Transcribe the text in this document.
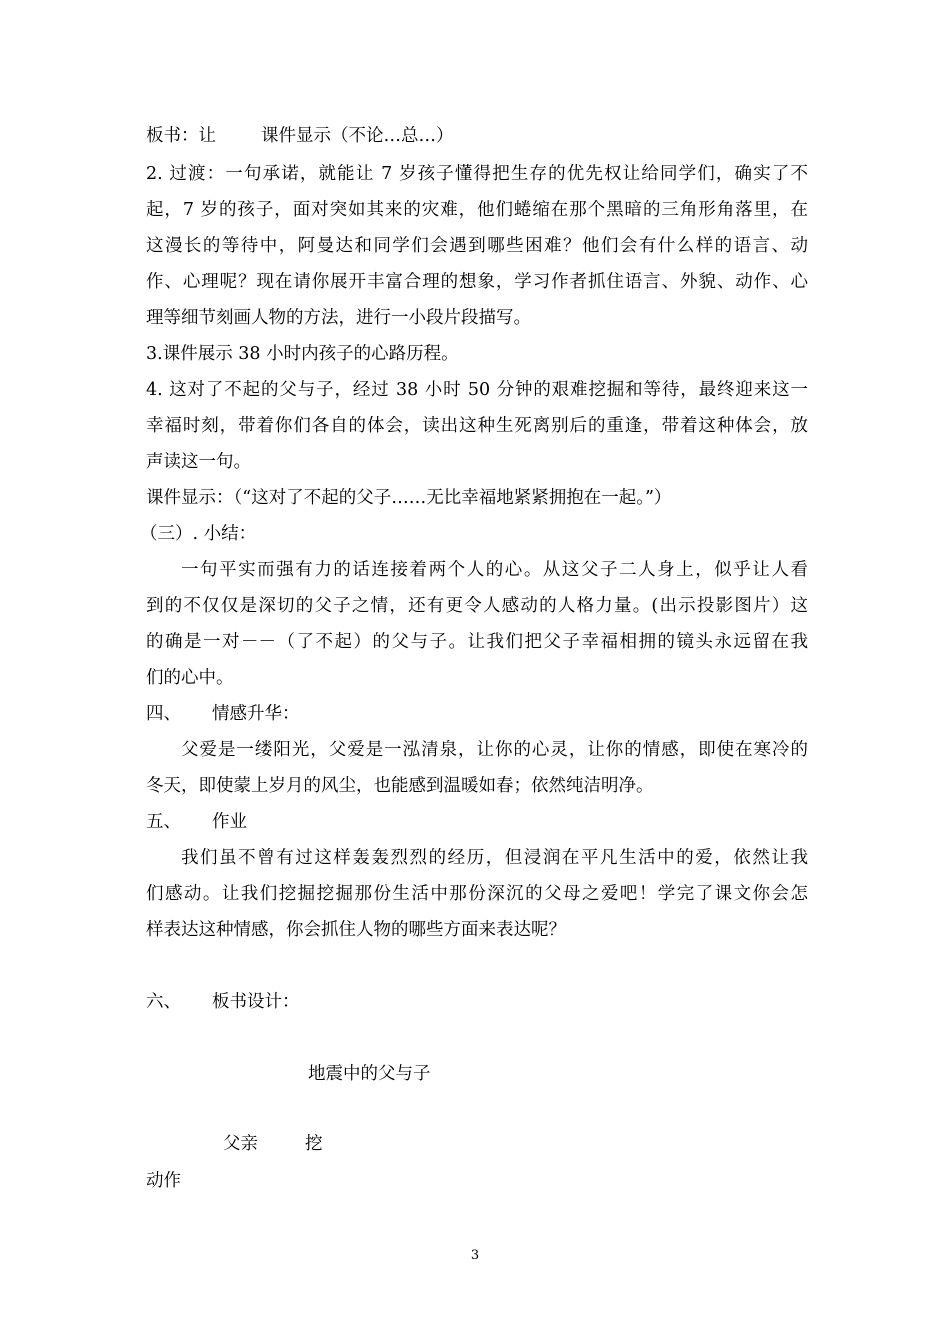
板书：让	课件显示（不论…总…）
2. 过渡：一句承诺，就能让 7 岁孩子懂得把生存的优先权让给同学们，确实了不
起，7 岁的孩子，面对突如其来的灾难，他们蜷缩在那个黑暗的三角形角落里，在
这漫长的等待中，阿曼达和同学们会遇到哪些困难？他们会有什么样的语言、动
作、心理呢？现在请你展开丰富合理的想象，学习作者抓住语言、外貌、动作、心
理等细节刻画人物的方法，进行一小段片段描写。
3.课件展示 38 小时内孩子的心路历程。
4. 这对了不起的父与子，经过 38 小时 50 分钟的艰难挖掘和等待，最终迎来这一
幸福时刻，带着你们各自的体会，读出这种生死离别后的重逢，带着这种体会，放
声读这一句。
课件显示：（“这对了不起的父子……无比幸福地紧紧拥抱在一起。”）
（三）. 小结：
一句平实而强有力的话连接着两个人的心。从这父子二人身上，似乎让人看
到的不仅仅是深切的父子之情，还有更令人感动的人格力量。(出示投影图片）这
的确是一对－－（了不起）的父与子。让我们把父子幸福相拥的镜头永远留在我
们的心中。
四、 情感升华：
父爱是一缕阳光，父爱是一泓清泉，让你的心灵，让你的情感，即使在寒冷的
冬天，即使蒙上岁月的风尘，也能感到温暖如春；依然纯洁明净。
五、 作业
我们虽不曾有过这样轰轰烈烈的经历，但浸润在平凡生活中的爱，依然让我
们感动。让我们挖掘挖掘那份生活中那份深沉的父母之爱吧！学完了课文你会怎
样表达这种情感，你会抓住人物的哪些方面来表达呢？
六、 板书设计：
地震中的父与子
父亲	挖
动作
3
